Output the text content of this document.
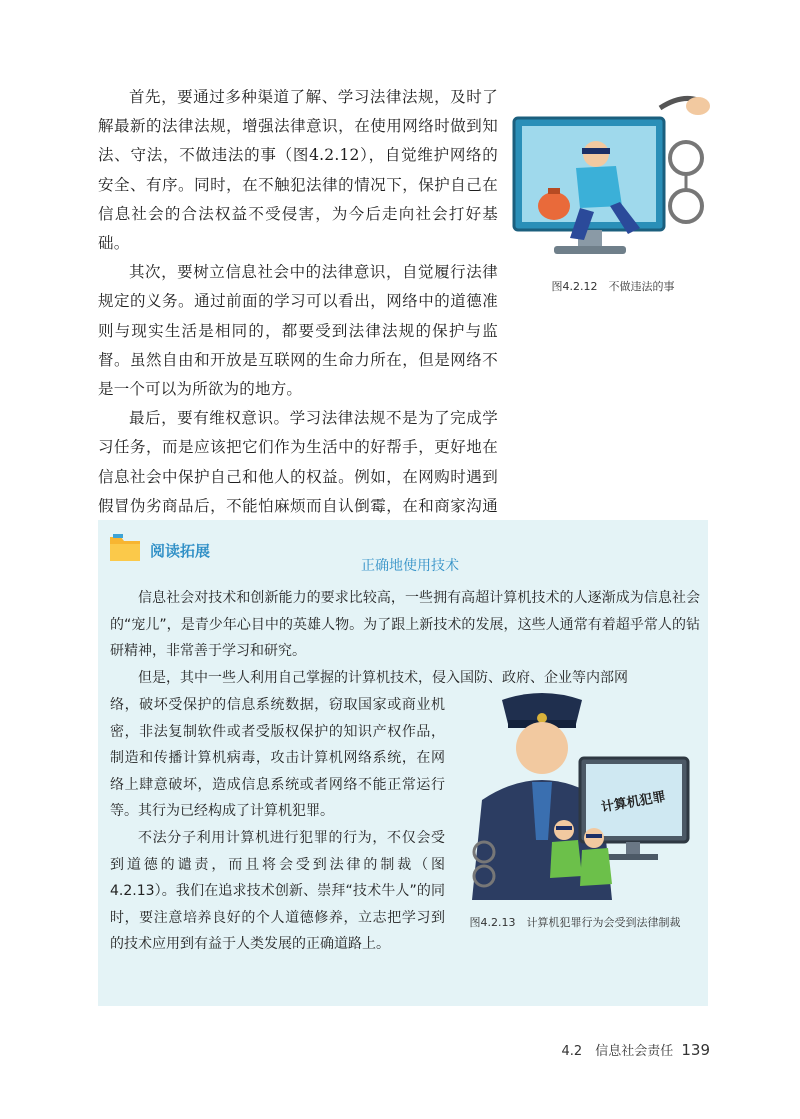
首先，要通过多种渠道了解、学习法律法规，及时了解最新的法律法规，增强法律意识，在使用网络时做到知法、守法，不做违法的事（图4.2.12），自觉维护网络的安全、有序。同时，在不触犯法律的情况下，保护自己在信息社会的合法权益不受侵害，为今后走向社会打好基础。

其次，要树立信息社会中的法律意识，自觉履行法律规定的义务。通过前面的学习可以看出，网络中的道德准则与现实生活是相同的，都要受到法律法规的保护与监督。虽然自由和开放是互联网的生命力所在，但是网络不是一个可以为所欲为的地方。

最后，要有维权意识。学习法律法规不是为了完成学习任务，而是应该把它们作为生活中的好帮手，更好地在信息社会中保护自己和他人的权益。例如，在网购时遇到假冒伪劣商品后，不能怕麻烦而自认倒霉，在和商家沟通

图4.2.12　不做违法的事
阅读拓展
正确地使用技术

信息社会对技术和创新能力的要求比较高，一些拥有高超计算机技术的人逐渐成为信息社会的“宠儿”，是青少年心目中的英雄人物。为了跟上新技术的发展，这些人通常有着超乎常人的钻研精神，非常善于学习和研究。

但是，其中一些人利用自己掌握的计算机技术，侵入国防、政府、企业等内部网

络，破坏受保护的信息系统数据，窃取国家或商业机密，非法复制软件或者受版权保护的知识产权作品，制造和传播计算机病毒，攻击计算机网络系统，在网络上肆意破坏，造成信息系统或者网络不能正常运行等。其行为已经构成了计算机犯罪。

不法分子利用计算机进行犯罪的行为，不仅会受到道德的谴责，而且将会受到法律的制裁（图4.2.13）。我们在追求技术创新、崇拜“技术牛人”的同时，要注意培养良好的个人道德修养，立志把学习到的技术应用到有益于人类发展的正确道路上。

计算机犯罪
图4.2.13　计算机犯罪行为会受到法律制裁
4.2　信息社会责任 139
